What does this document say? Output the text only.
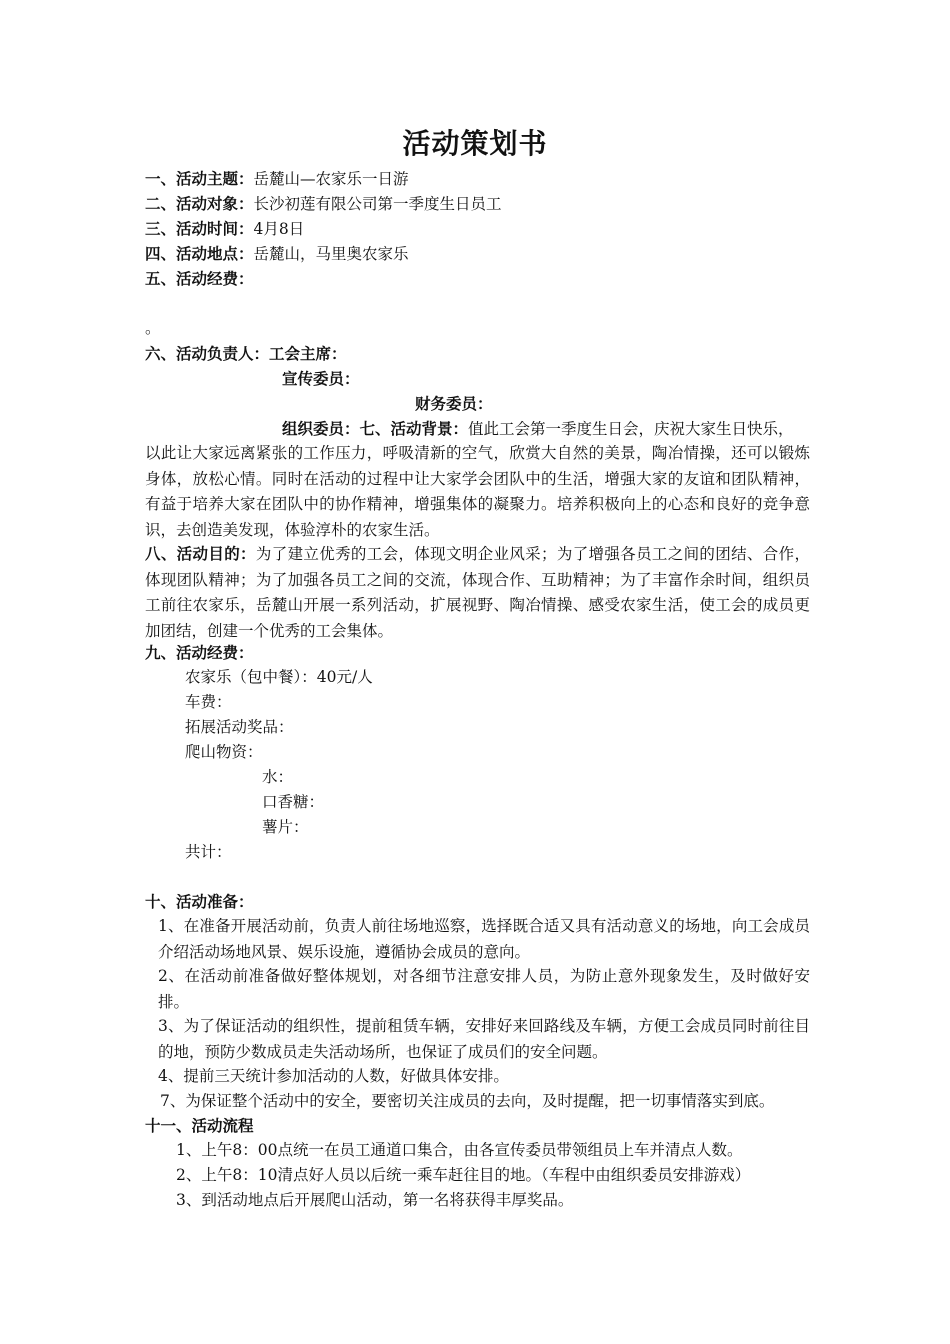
活动策划书
一、活动主题：岳麓山—农家乐一日游
二、活动对象：长沙初莲有限公司第一季度生日员工
三、活动时间：4月8日
四、活动地点：岳麓山，马里奥农家乐
五、活动经费：
。
六、活动负责人：工会主席：
宣传委员：
财务委员：
组织委员：七、活动背景：值此工会第一季度生日会，庆祝大家生日快乐，
以此让大家远离紧张的工作压力，呼吸清新的空气，欣赏大自然的美景，陶冶情操，还可以锻炼身体，放松心情。同时在活动的过程中让大家学会团队中的生活，增强大家的友谊和团队精神，有益于培养大家在团队中的协作精神，增强集体的凝聚力。培养积极向上的心态和良好的竞争意识，去创造美发现，体验淳朴的农家生活。
八、活动目的：为了建立优秀的工会，体现文明企业风采；为了增强各员工之间的团结、合作，体现团队精神；为了加强各员工之间的交流，体现合作、互助精神；为了丰富作余时间，组织员工前往农家乐，岳麓山开展一系列活动，扩展视野、陶冶情操、感受农家生活，使工会的成员更加团结，创建一个优秀的工会集体。
九、活动经费：
农家乐（包中餐）：40元/人
车费：
拓展活动奖品：
爬山物资：
水：
口香糖：
薯片：
共计：
十、活动准备：
1、在准备开展活动前，负责人前往场地巡察，选择既合适又具有活动意义的场地，向工会成员介绍活动场地风景、娱乐设施，遵循协会成员的意向。
2、在活动前准备做好整体规划，对各细节注意安排人员，为防止意外现象发生，及时做好安排。
3、为了保证活动的组织性，提前租赁车辆，安排好来回路线及车辆，方便工会成员同时前往目的地，预防少数成员走失活动场所，也保证了成员们的安全问题。
4、提前三天统计参加活动的人数，好做具体安排。
7、为保证整个活动中的安全，要密切关注成员的去向，及时提醒，把一切事情落实到底。
十一、活动流程
1、上午8：00点统一在员工通道口集合，由各宣传委员带领组员上车并清点人数。
2、上午8：10清点好人员以后统一乘车赶往目的地。（车程中由组织委员安排游戏）
3、到活动地点后开展爬山活动，第一名将获得丰厚奖品。
